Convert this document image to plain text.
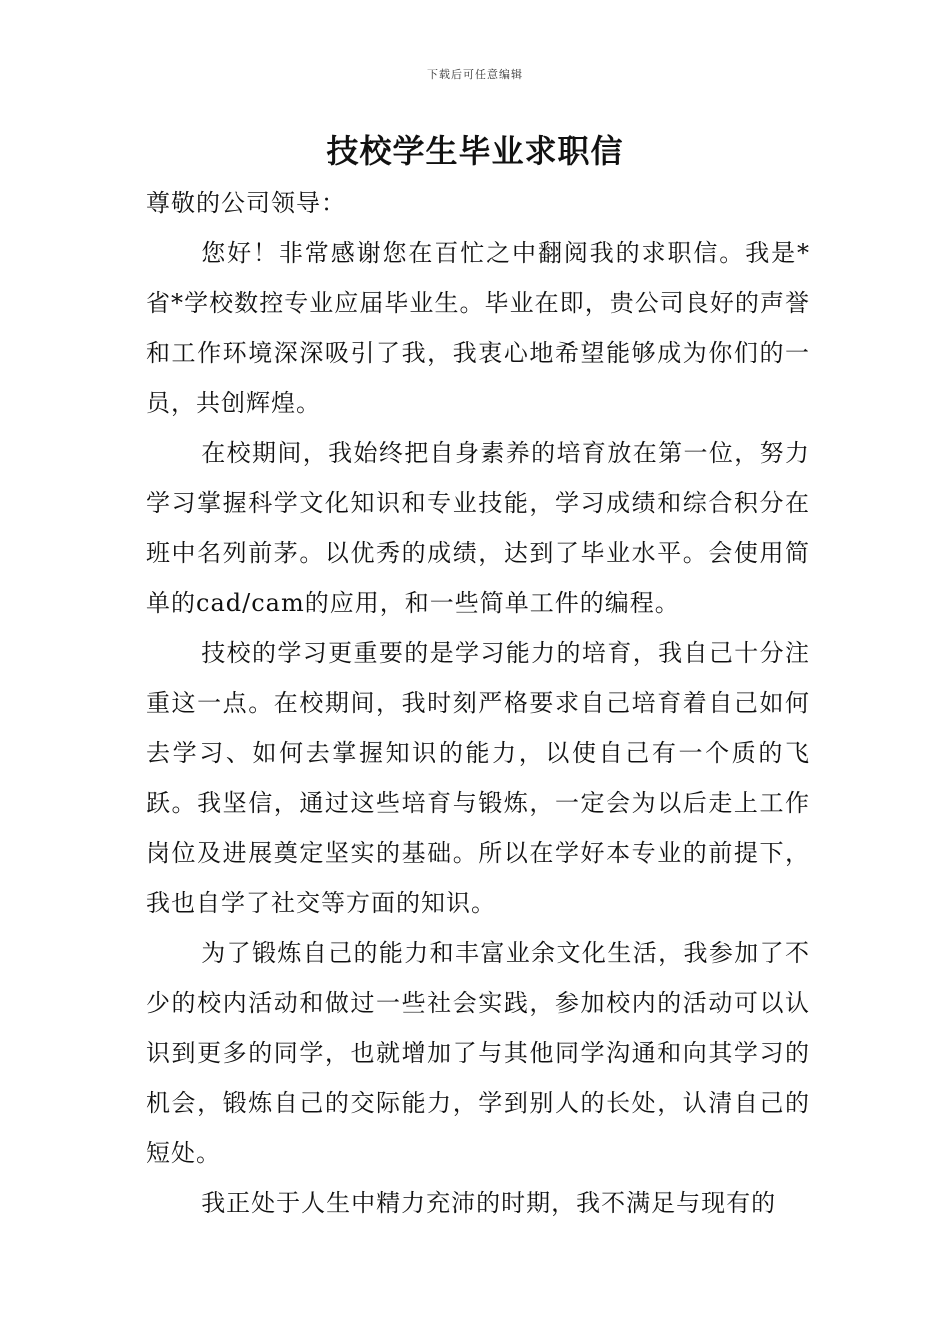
下载后可任意编辑
技校学生毕业求职信

尊敬的公司领导：

您好！非常感谢您在百忙之中翻阅我的求职信。我是*省*学校数控专业应届毕业生。毕业在即，贵公司良好的声誉和工作环境深深吸引了我，我衷心地希望能够成为你们的一员，共创辉煌。

在校期间，我始终把自身素养的培育放在第一位，努力学习掌握科学文化知识和专业技能，学习成绩和综合积分在班中名列前茅。以优秀的成绩，达到了毕业水平。会使用简单的cad/cam的应用，和一些简单工件的编程。

技校的学习更重要的是学习能力的培育，我自己十分注重这一点。在校期间，我时刻严格要求自己培育着自己如何去学习、如何去掌握知识的能力，以使自己有一个质的飞跃。我坚信，通过这些培育与锻炼，一定会为以后走上工作岗位及进展奠定坚实的基础。所以在学好本专业的前提下，我也自学了社交等方面的知识。

为了锻炼自己的能力和丰富业余文化生活，我参加了不少的校内活动和做过一些社会实践，参加校内的活动可以认识到更多的同学，也就增加了与其他同学沟通和向其学习的机会，锻炼自己的交际能力，学到别人的长处，认清自己的短处。

我正处于人生中精力充沛的时期，我不满足与现有的
